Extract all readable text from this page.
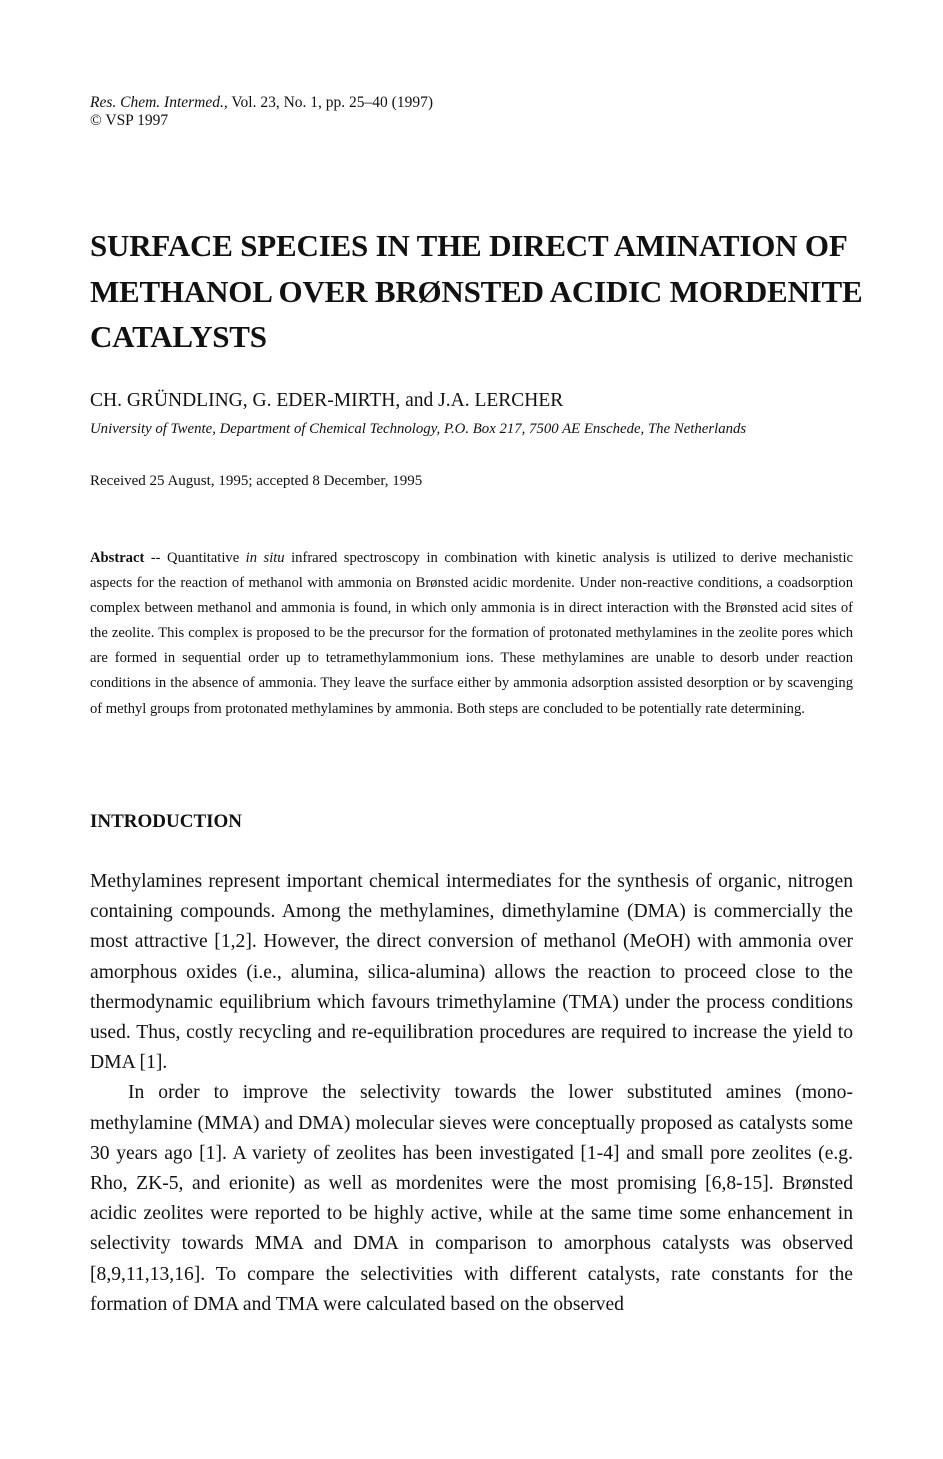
Res. Chem. Intermed., Vol. 23, No. 1, pp. 25–40 (1997)
© VSP 1997
SURFACE SPECIES IN THE DIRECT AMINATION OF METHANOL OVER BRØNSTED ACIDIC MORDENITE CATALYSTS
CH. GRÜNDLING, G. EDER-MIRTH, and J.A. LERCHER
University of Twente, Department of Chemical Technology, P.O. Box 217, 7500 AE Enschede, The Netherlands
Received 25 August, 1995; accepted 8 December, 1995
Abstract -- Quantitative in situ infrared spectroscopy in combination with kinetic analysis is utilized to derive mechanistic aspects for the reaction of methanol with ammonia on Brønsted acidic mordenite. Under non-reactive conditions, a coadsorption complex between methanol and ammonia is found, in which only ammonia is in direct interaction with the Brønsted acid sites of the zeolite. This complex is proposed to be the precursor for the formation of protonated methylamines in the zeolite pores which are formed in sequential order up to tetramethylammonium ions. These methylamines are unable to desorb under reaction conditions in the absence of ammonia. They leave the surface either by ammonia adsorption assisted desorption or by scavenging of methyl groups from protonated methylamines by ammonia. Both steps are concluded to be potentially rate determining.
INTRODUCTION

Methylamines represent important chemical intermediates for the synthesis of organic, nitrogen containing compounds. Among the methylamines, dimethylamine (DMA) is commercially the most attractive [1,2]. However, the direct conversion of methanol (MeOH) with ammonia over amorphous oxides (i.e., alumina, silica-alumina) allows the reaction to proceed close to the thermodynamic equilibrium which favours trimethylamine (TMA) under the process conditions used. Thus, costly recycling and re-equilibration procedures are required to increase the yield to DMA [1].

In order to improve the selectivity towards the lower substituted amines (mono-methylamine (MMA) and DMA) molecular sieves were conceptually proposed as catalysts some 30 years ago [1]. A variety of zeolites has been investigated [1-4] and small pore zeolites (e.g. Rho, ZK-5, and erionite) as well as mordenites were the most promising [6,8-15]. Brønsted acidic zeolites were reported to be highly active, while at the same time some enhancement in selectivity towards MMA and DMA in comparison to amorphous catalysts was observed [8,9,11,13,16]. To compare the selectivities with different catalysts, rate constants for the formation of DMA and TMA were calculated based on the observed
